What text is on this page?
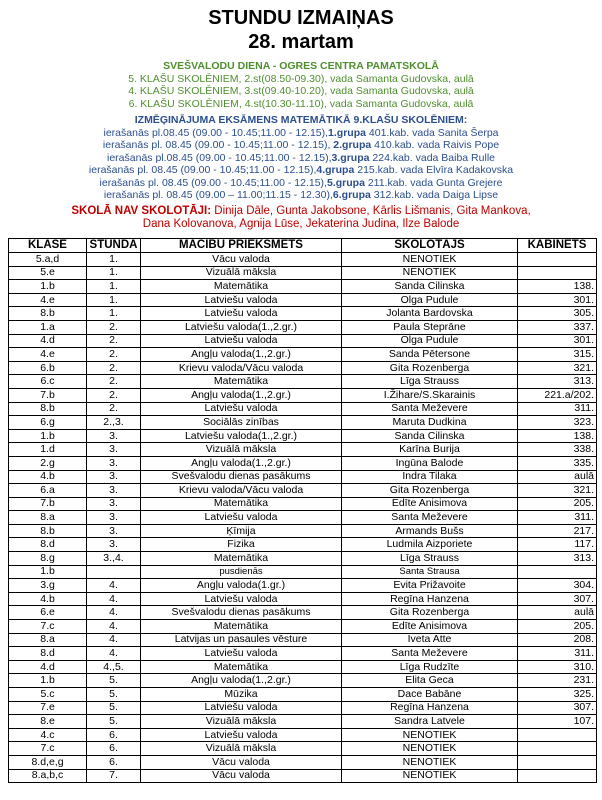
STUNDU IZMAIŅAS
28. martam
SVEŠVALODU DIENA - OGRES CENTRA PAMATSKOLĀ
5. KLAŠU SKOLĒNIEM, 2.st(08.50-09.30), vada Samanta Gudovska, aulā
4. KLAŠU SKOLĒNIEM, 3.st(09.40-10.20), vada Samanta Gudovska, aulā
6. KLAŠU SKOLĒNIEM, 4.st(10.30-11.10), vada Samanta Gudovska, aulā
IZMĒĢINĀJUMA EKSĀMENS MATEMĀTIKĀ 9.KLAŠU SKOLĒNIEM:
ierašanās pl.08.45 (09.00 - 10.45;11.00 - 12.15),1.grupa 401.kab. vada Sanita Šerpa
ierašanās pl. 08.45 (09.00 - 10.45;11.00 - 12.15), 2.grupa 410.kab. vada Raivis Pope
ierašanās pl.08.45 (09.00 - 10.45;11.00 - 12.15),3.grupa 224.kab. vada Baiba Rulle
ierašanās pl. 08.45 (09.00 - 10.45;11.00 - 12.15),4.grupa 215.kab. vada Elvīra Kadakovska
ierašanās pl. 08.45 (09.00 - 10.45;11.00 - 12.15),5.grupa 211.kab. vada Gunta Grejere
ierašanās pl. 08.45 (09.00 – 11.00;11.15 - 12.30),6.grupa 312.kab. vada Daiga Lipse
SKOLĀ NAV SKOLOTĀJI: Dinija Dāle, Gunta Jakobsone, Kārlis Lišmanis, Gita Mankova,
Dana Kolovanova, Agnija Lūse, Jekaterina Judina, Ilze Balode
KLASE	STUNDA	MĀCĪBU PRIEKŠMETS	SKOLOTĀJS	KABINETS
5.a,d	1.	Vācu valoda	NENOTIEK	
5.e	1.	Vizuālā māksla	NENOTIEK	
1.b	1.	Matemātika	Sanda Cilinska	138.
4.e	1.	Latviešu valoda	Olga Pudule	301.
8.b	1.	Latviešu valoda	Jolanta Bardovska	305.
1.a	2.	Latviešu valoda(1.,2.gr.)	Paula Steprāne	337.
4.d	2.	Latviešu valoda	Olga Pudule	301.
4.e	2.	Angļu valoda(1.,2.gr.)	Sanda Pētersone	315.
6.b	2.	Krievu valoda/Vācu valoda	Gita Rozenberga	321.
6.c	2.	Matemātika	Līga Strauss	313.
7.b	2.	Angļu valoda(1.,2.gr.)	I.Žihare/S.Skarainis	221.a/202.
8.b	2.	Latviešu valoda	Santa Meževere	311.
6.g	2.,3.	Sociālās zinības	Maruta Dudkina	323.
1.b	3.	Latviešu valoda(1.,2.gr.)	Sanda Cilinska	138.
1.d	3.	Vizuālā māksla	Karīna Burija	338.
2.g	3.	Angļu valoda(1.,2.gr.)	Ingūna Balode	335.
4.b	3.	Svešvalodu dienas pasākums	Indra Tilaka	aulā
6.a	3.	Krievu valoda/Vācu valoda	Gita Rozenberga	321.
7.b	3.	Matemātika	Edīte Anisimova	205.
8.a	3.	Latviešu valoda	Santa Meževere	311.
8.b	3.	Ķīmija	Armands Bušs	217.
8.d	3.	Fizika	Ludmila Aizporiete	117.
8.g	3.,4.	Matemātika	Līga Strauss	313.
1.b		pusdienās	Santa Strausa	
3.g	4.	Angļu valoda(1.gr.)	Evita Prižavoite	304.
4.b	4.	Latviešu valoda	Regīna Hanzena	307.
6.e	4.	Svešvalodu dienas pasākums	Gita Rozenberga	aulā
7.c	4.	Matemātika	Edīte Anisimova	205.
8.a	4.	Latvijas un pasaules vēsture	Iveta Atte	208.
8.d	4.	Latviešu valoda	Santa Meževere	311.
4.d	4.,5.	Matemātika	Līga Rudzīte	310.
1.b	5.	Angļu valoda(1.,2.gr.)	Elita Geca	231.
5.c	5.	Mūzika	Dace Babāne	325.
7.e	5.	Latviešu valoda	Regīna Hanzena	307.
8.e	5.	Vizuālā māksla	Sandra Latvele	107.
4.c	6.	Latviešu valoda	NENOTIEK	
7.c	6.	Vizuālā māksla	NENOTIEK	
8.d,e,g	6.	Vācu valoda	NENOTIEK	
8.a,b,c	7.	Vācu valoda	NENOTIEK	
